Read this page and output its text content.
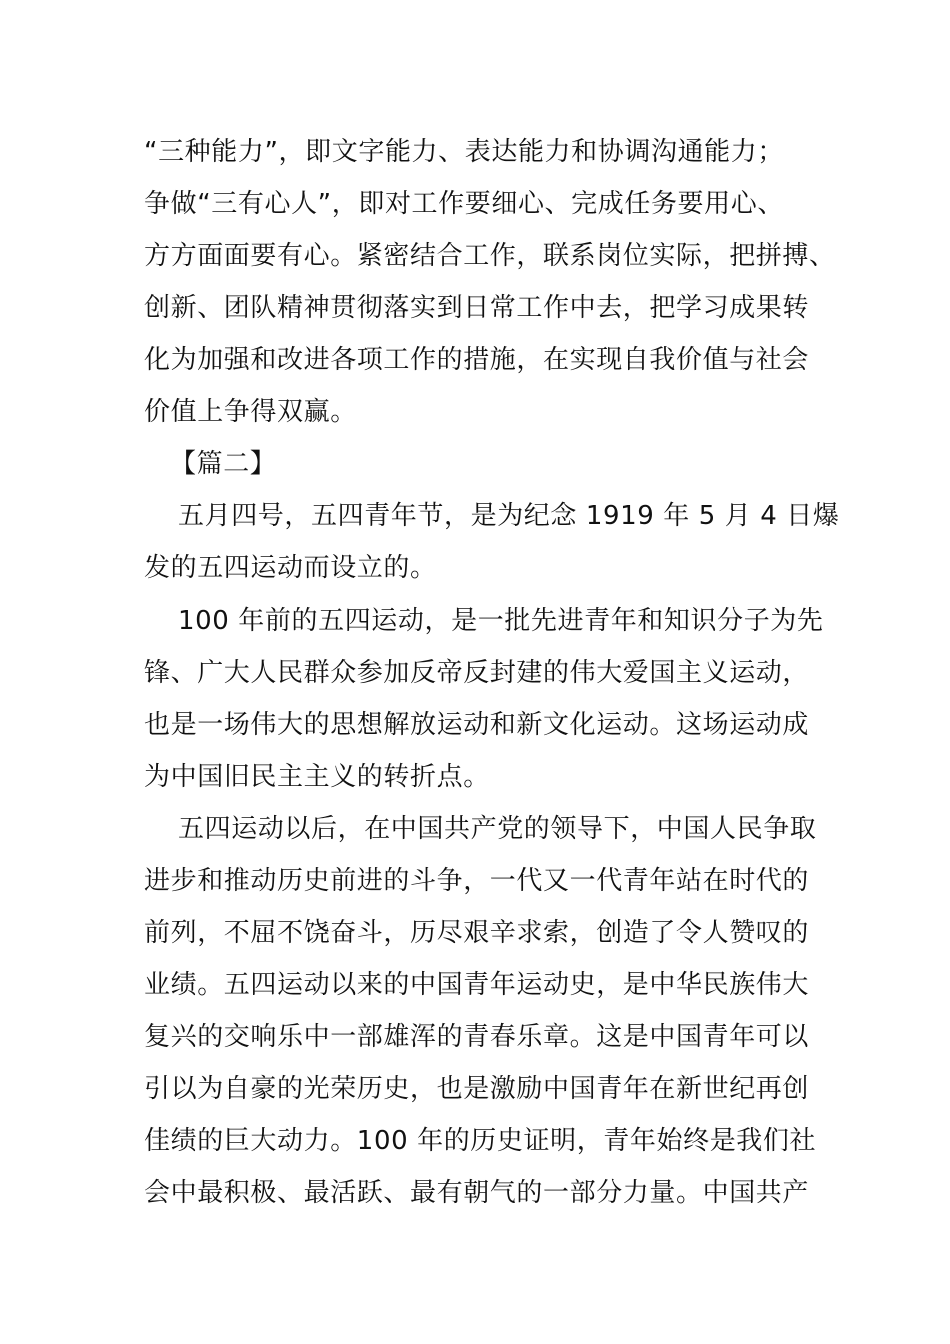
“三种能力”，即文字能力、表达能力和协调沟通能力；
争做“三有心人”，即对工作要细心、完成任务要用心、
方方面面要有心。紧密结合工作，联系岗位实际，把拼搏、
创新、团队精神贯彻落实到日常工作中去，把学习成果转
化为加强和改进各项工作的措施，在实现自我价值与社会
价值上争得双赢。
【篇二】
五月四号，五四青年节，是为纪念 1919 年 5 月 4 日爆
发的五四运动而设立的。
100 年前的五四运动，是一批先进青年和知识分子为先
锋、广大人民群众参加反帝反封建的伟大爱国主义运动，
也是一场伟大的思想解放运动和新文化运动。这场运动成
为中国旧民主主义的转折点。
五四运动以后，在中国共产党的领导下，中国人民争取
进步和推动历史前进的斗争，一代又一代青年站在时代的
前列，不屈不饶奋斗，历尽艰辛求索，创造了令人赞叹的
业绩。五四运动以来的中国青年运动史，是中华民族伟大
复兴的交响乐中一部雄浑的青春乐章。这是中国青年可以
引以为自豪的光荣历史，也是激励中国青年在新世纪再创
佳绩的巨大动力。100 年的历史证明，青年始终是我们社
会中最积极、最活跃、最有朝气的一部分力量。中国共产
